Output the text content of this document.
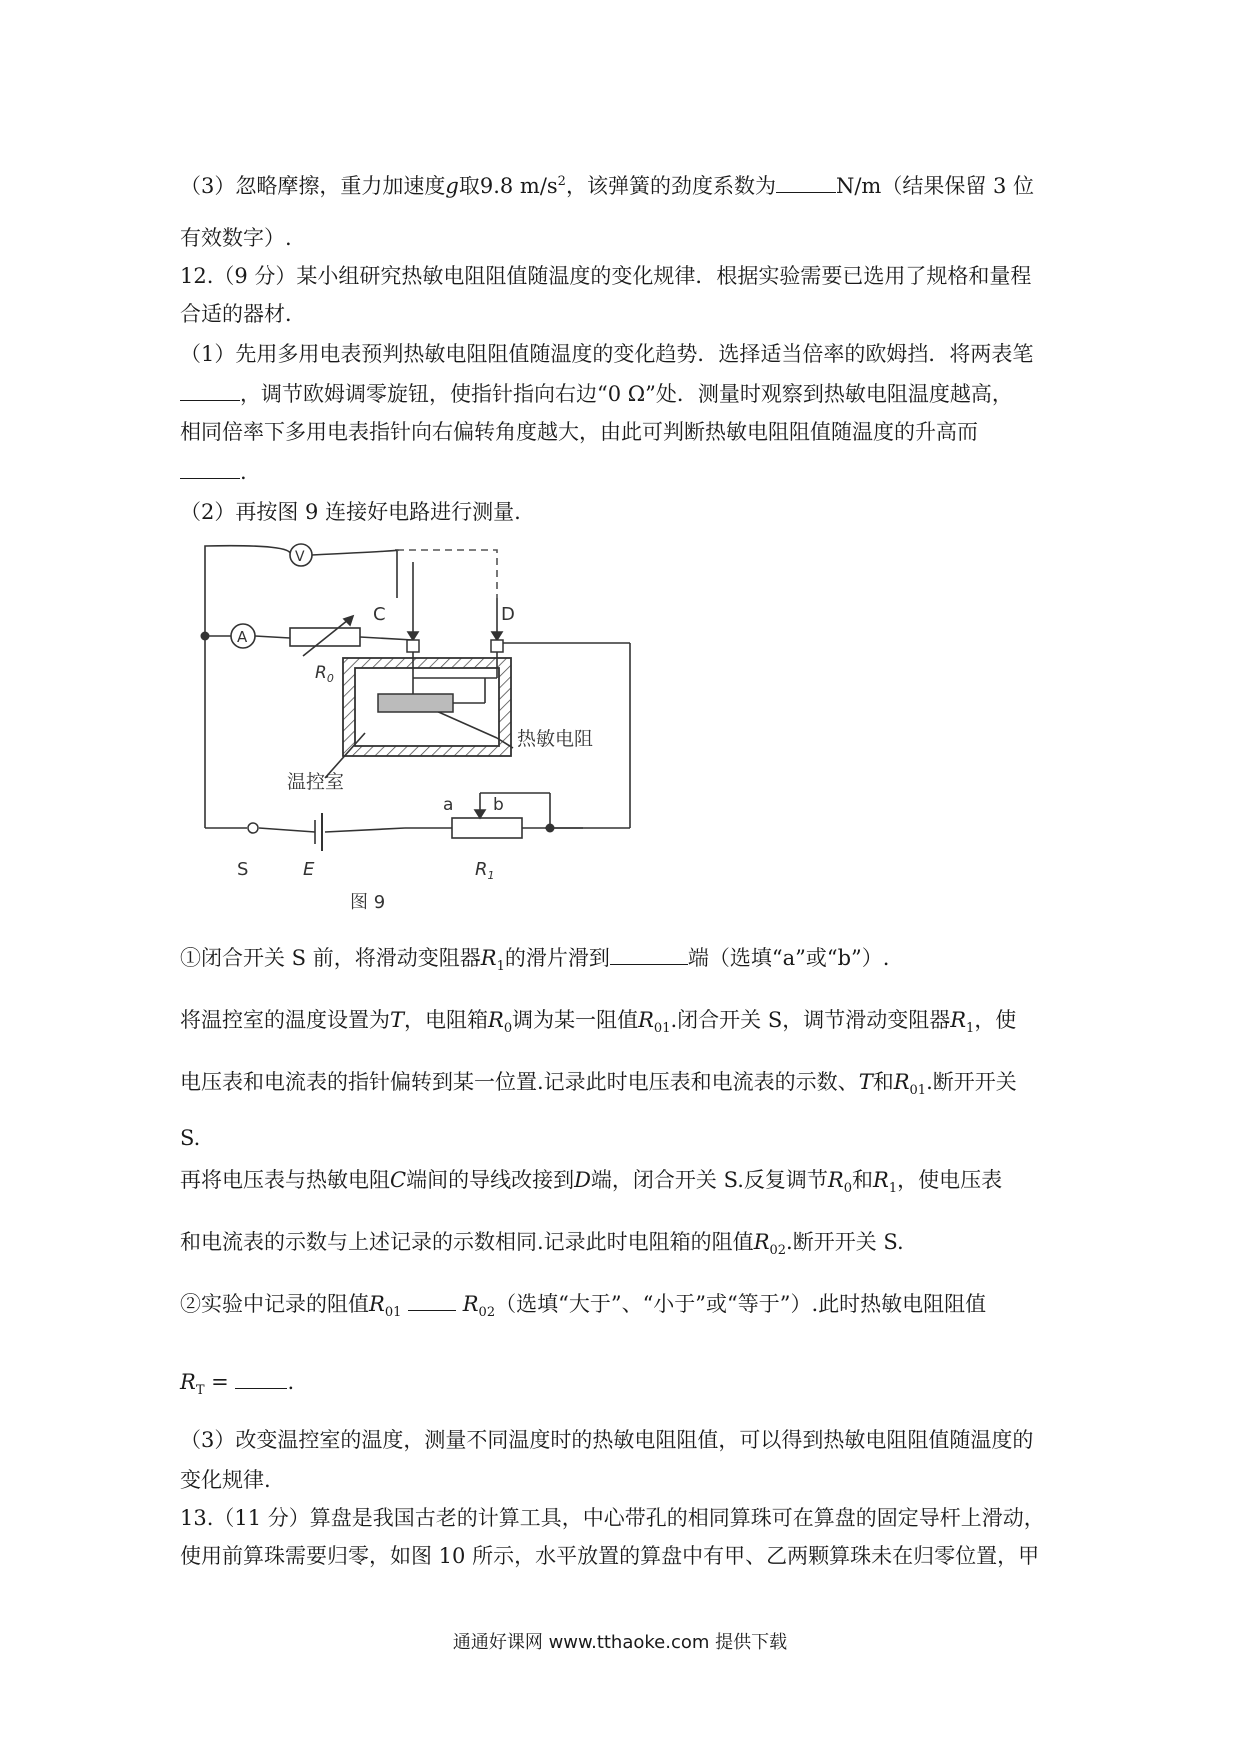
（3）忽略摩擦，重力加速度g取9.8 $m/s^2$，该弹簧的劲度系数为	N/m（结果保留 3 位
有效数字）.
12.（9 分）某小组研究热敏电阻阻值随温度的变化规律．根据实验需要已选用了规格和量程
合适的器材．
（1）先用多用电表预判热敏电阻阻值随温度的变化趋势．选择适当倍率的欧姆挡．将两表笔
，调节欧姆调零旋钮，使指针指向右边“0 Ω”处．测量时观察到热敏电阻温度越高，
相同倍率下多用电表指针向右偏转角度越大，由此可判断热敏电阻阻值随温度的升高而
.
（2）再按图 9 连接好电路进行测量.
V
A
C	D
$R_0$
热敏电阻
温控室
a b
S	E	$R_1$
图 9
①闭合开关 S 前，将滑动变阻器$R_1$的滑片滑到	端（选填“a”或“b”）.
将温控室的温度设置为T，电阻箱$R_0$调为某一阻值$R_{01}$.闭合开关 S，调节滑动变阻器$R_1$，使
电压表和电流表的指针偏转到某一位置.记录此时电压表和电流表的示数、T和$R_{01}$.断开开关
S.
再将电压表与热敏电阻C端间的导线改接到D端，闭合开关 S.反复调节$R_0$和$R_1$，使电压表
和电流表的示数与上述记录的示数相同.记录此时电阻箱的阻值$R_{02}$.断开开关 S.
②实验中记录的阻值$R_{01}$	$R_{02}$（选填“大于”、“小于”或“等于”）.此时热敏电阻阻值
$R_T$ =	.
（3）改变温控室的温度，测量不同温度时的热敏电阻阻值，可以得到热敏电阻阻值随温度的
变化规律.
13.（11 分）算盘是我国古老的计算工具，中心带孔的相同算珠可在算盘的固定导杆上滑动，
使用前算珠需要归零，如图 10 所示，水平放置的算盘中有甲、乙两颗算珠未在归零位置，甲
通通好课网 www.tthaoke.com 提供下载
